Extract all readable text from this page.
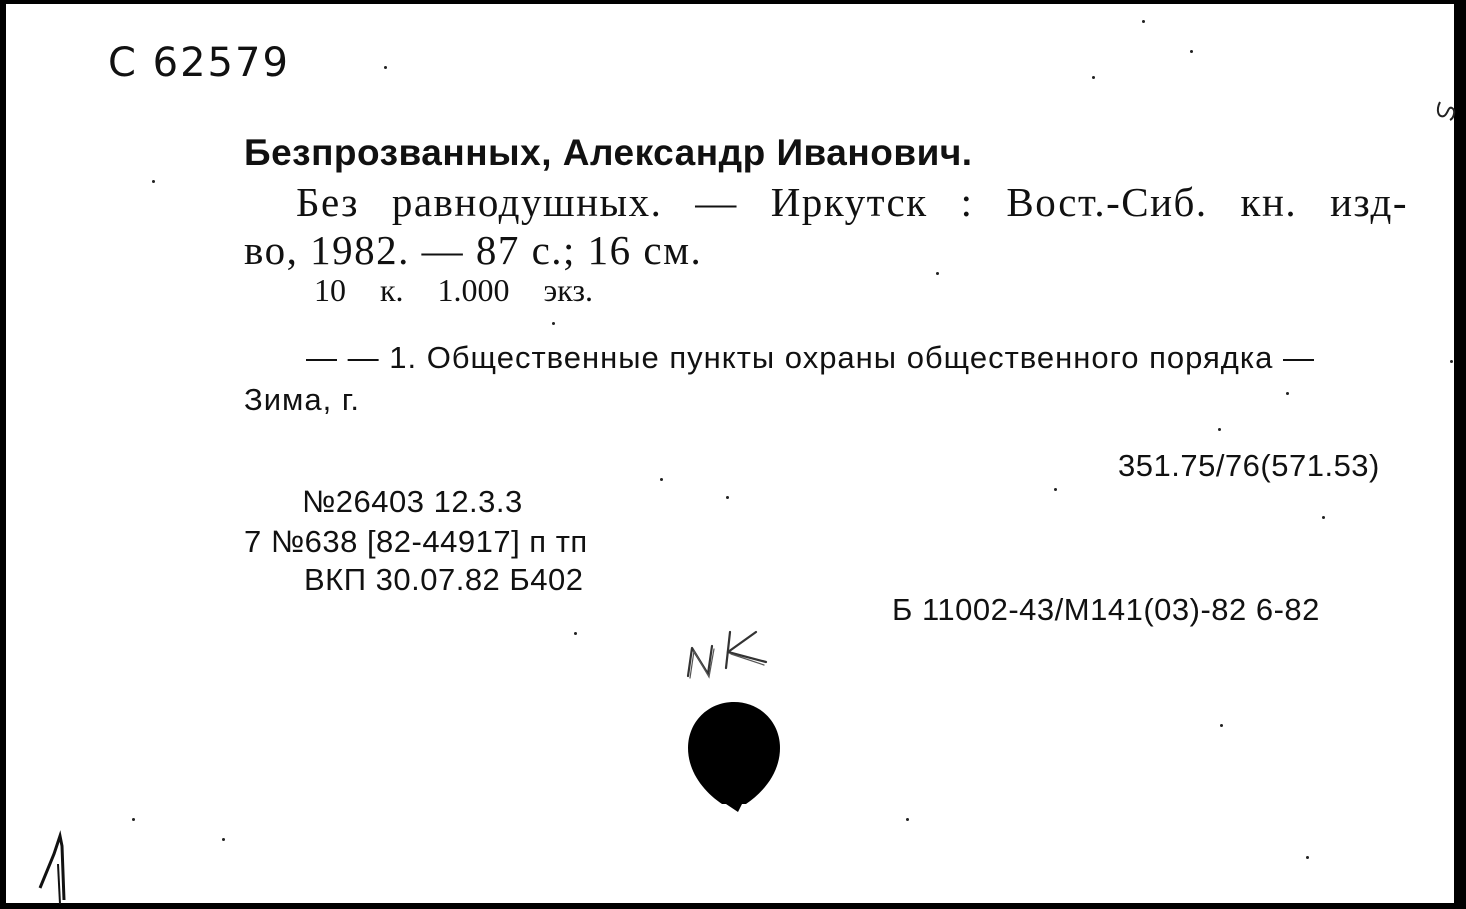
С 62579
Безпрозванных, Александр Иванович.
Без равнодушных. — Иркутск : Вост.-Сиб. кн. изд-
во, 1982. — 87 с.; 16 см.
10 к. 1.000 экз.
— — 1. Общественные пункты охраны общественного порядка —
Зима, г.
351.75/76(571.53)
№26403 12.3.3
7 №638 [82-44917] п тп
ВКП 30.07.82 Б402
Б 11002-43/М141(03)-82 6-82
